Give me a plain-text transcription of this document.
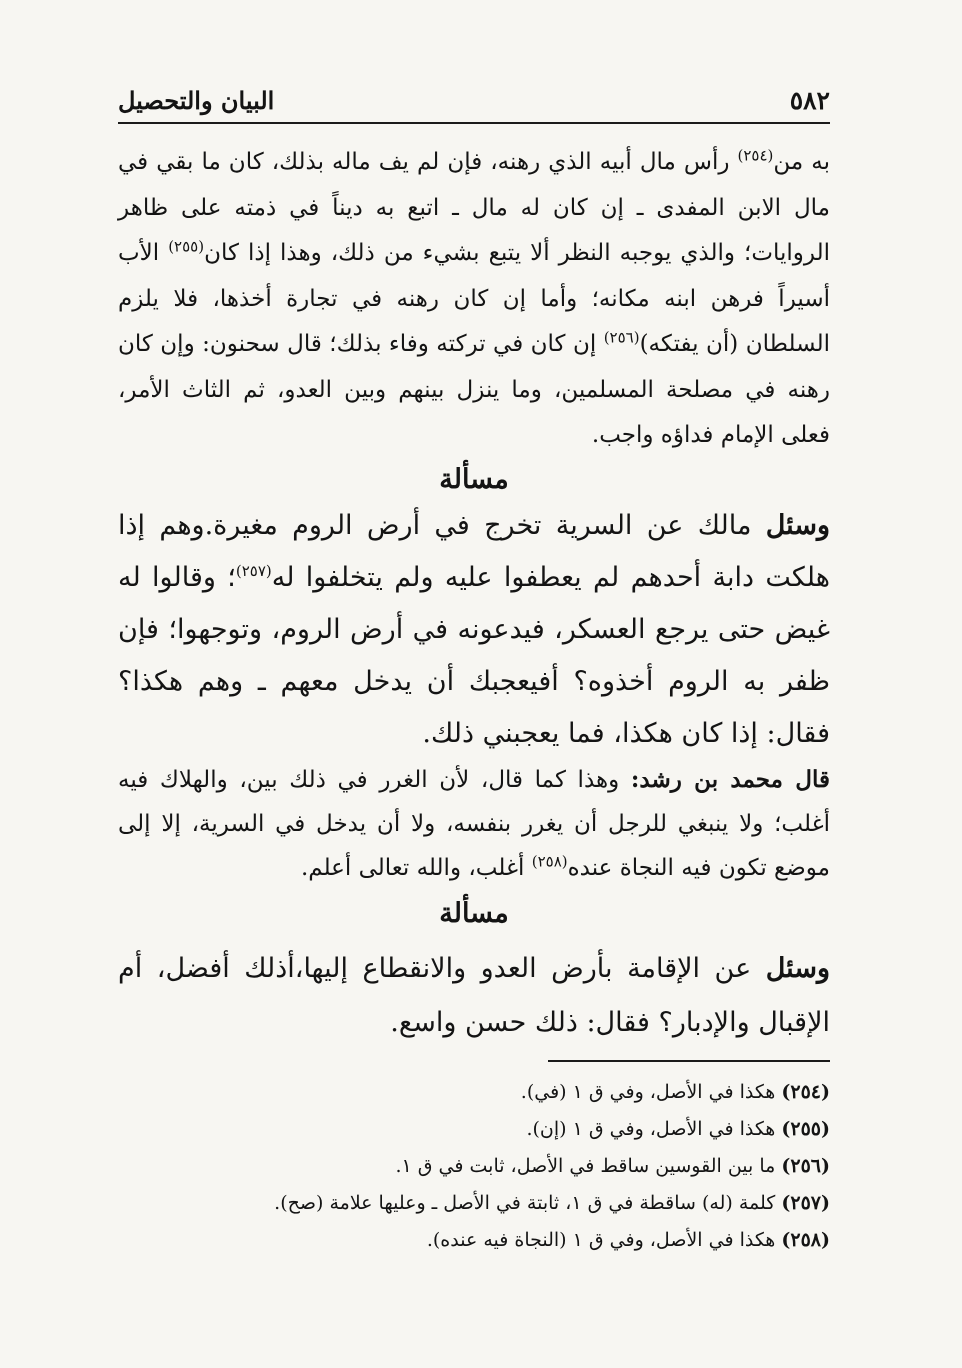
٥٨٢
البيان والتحصيل

به من$^{(٢٥٤)}$ رأس مال أبيه الذي رهنه، فإن لم يف ماله بذلك، كان ما بقي في مال الابن المفدى ـ إن كان له مال ـ اتبع به ديناً في ذمته على ظاهر الروايات؛ والذي يوجبه النظر ألا يتبع بشيء من ذلك، وهذا إذا كان$^{(٢٥٥)}$ الأب أسيراً فرهن ابنه مكانه؛ وأما إن كان رهنه في تجارة أخذها، فلا يلزم السلطان (أن يفتكه)$^{(٢٥٦)}$ إن كان في تركته وفاء بذلك؛ قال سحنون: وإن كان رهنه في مصلحة المسلمين، وما ينزل بينهم وبين العدو، ثم الثاث الأمر، فعلى الإمام فداؤه واجب.

مسألة

وسئل مالك عن السرية تخرج في أرض الروم مغيرة.وهم إذا هلكت دابة أحدهم لم يعطفوا عليه ولم يتخلفوا له$^{(٢٥٧)}$؛ وقالوا له غيض حتى يرجع العسكر، فيدعونه في أرض الروم، وتوجهوا؛ فإن ظفر به الروم أخذوه؟ أفيعجبك أن يدخل معهم ـ وهم هكذا؟ فقال: إذا كان هكذا، فما يعجبني ذلك.

قال محمد بن رشد: وهذا كما قال، لأن الغرر في ذلك بين، والهلاك فيه أغلب؛ ولا ينبغي للرجل أن يغرر بنفسه، ولا أن يدخل في السرية، إلا إلى موضع تكون فيه النجاة عنده$^{(٢٥٨)}$ أغلب، والله تعالى أعلم.

مسألة

وسئل عن الإقامة بأرض العدو والانقطاع إليها،أذلك أفضل، أم الإقبال والإدبار؟ فقال: ذلك حسن واسع.

(٢٥٤) هكذا في الأصل، وفي ق ١ (في).
(٢٥٥) هكذا في الأصل، وفي ق ١ (إن).
(٢٥٦) ما بين القوسين ساقط في الأصل، ثابت في ق ١.
(٢٥٧) كلمة (له) ساقطة في ق ١، ثابتة في الأصل ـ وعليها علامة (صح).
(٢٥٨) هكذا في الأصل، وفي ق ١ (النجاة فيه عنده).
